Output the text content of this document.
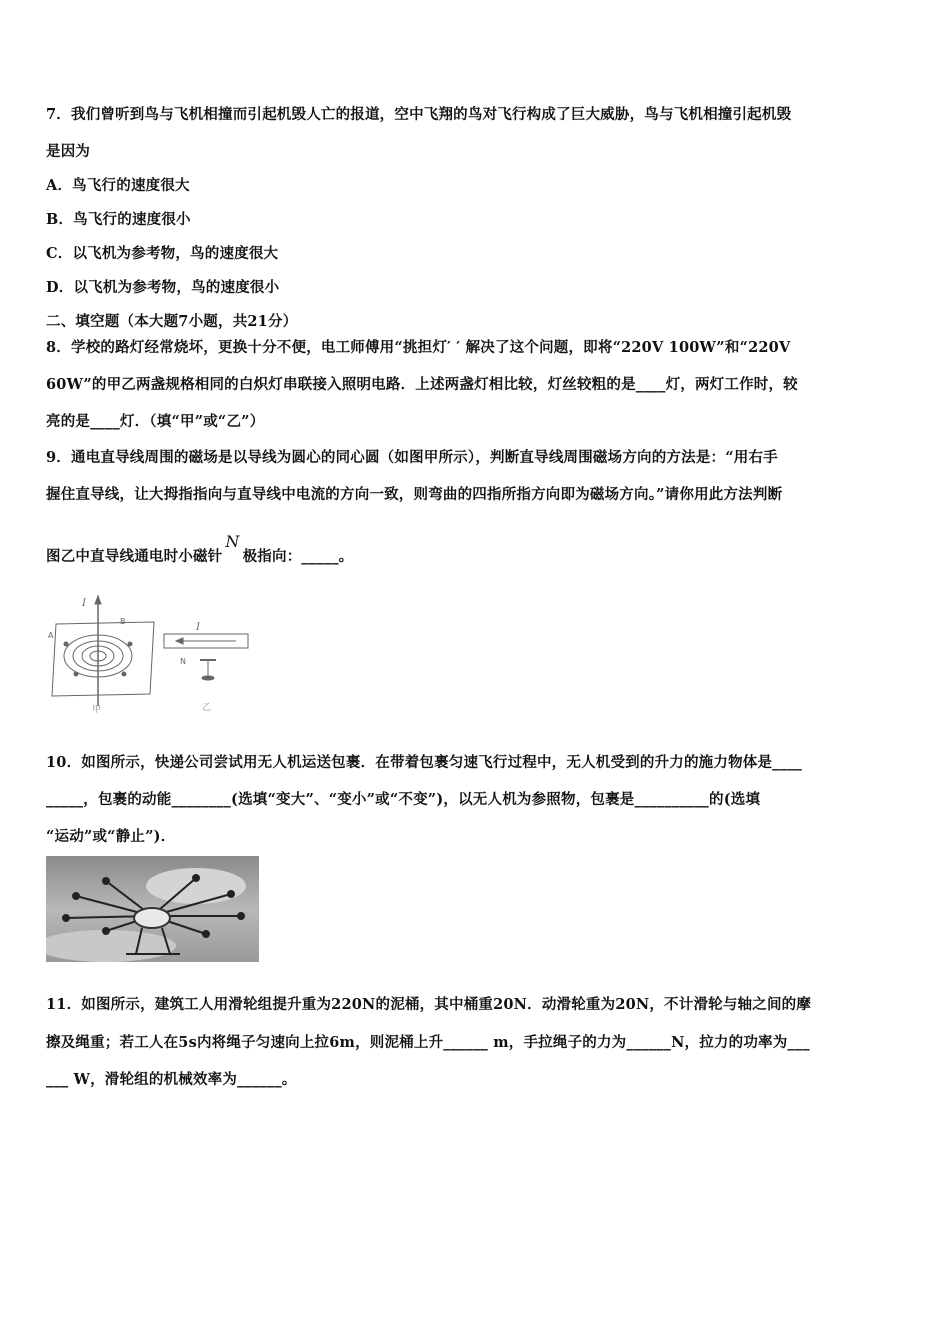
7．我们曾听到鸟与飞机相撞而引起机毁人亡的报道，空中飞翔的鸟对飞行构成了巨大威胁，鸟与飞机相撞引起机毁
是因为
A．鸟飞行的速度很大
B．鸟飞行的速度很小
C．以飞机为参考物，鸟的速度很大
D．以飞机为参考物，鸟的速度很小
二、填空题（本大题7小题，共21分）
8．学校的路灯经常烧坏，更换十分不便，电工师傅用“挑担灯′ ′ 解决了这个问题，即将“220V 100W”和“220V
60W”的甲乙两盏规格相同的白炽灯串联接入照明电路．上述两盏灯相比较，灯丝较粗的是____灯，两灯工作时，较
亮的是____灯．（填“甲”或“乙”）
9．通电直导线周围的磁场是以导线为圆心的同心圆（如图甲所示），判断直导线周围磁场方向的方法是：“用右手
握住直导线，让大拇指指向与直导线中电流的方向一致，则弯曲的四指所指方向即为磁场方向。”请你用此方法判断
图乙中直导线通电时小磁针N极指向：_____。
I
A
B
甲
I
N
乙
10．如图所示，快递公司尝试用无人机运送包裹．在带着包裹匀速飞行过程中，无人机受到的升力的施力物体是____
_____，包裹的动能________(选填“变大”、“变小”或“不变”)，以无人机为参照物，包裹是__________的(选填
“运动”或“静止”)．
11．如图所示，建筑工人用滑轮组提升重为220N的泥桶，其中桶重20N．动滑轮重为20N，不计滑轮与轴之间的摩
擦及绳重；若工人在5s内将绳子匀速向上拉6m，则泥桶上升______ m，手拉绳子的力为______N，拉力的功率为___
___ W，滑轮组的机械效率为______。
